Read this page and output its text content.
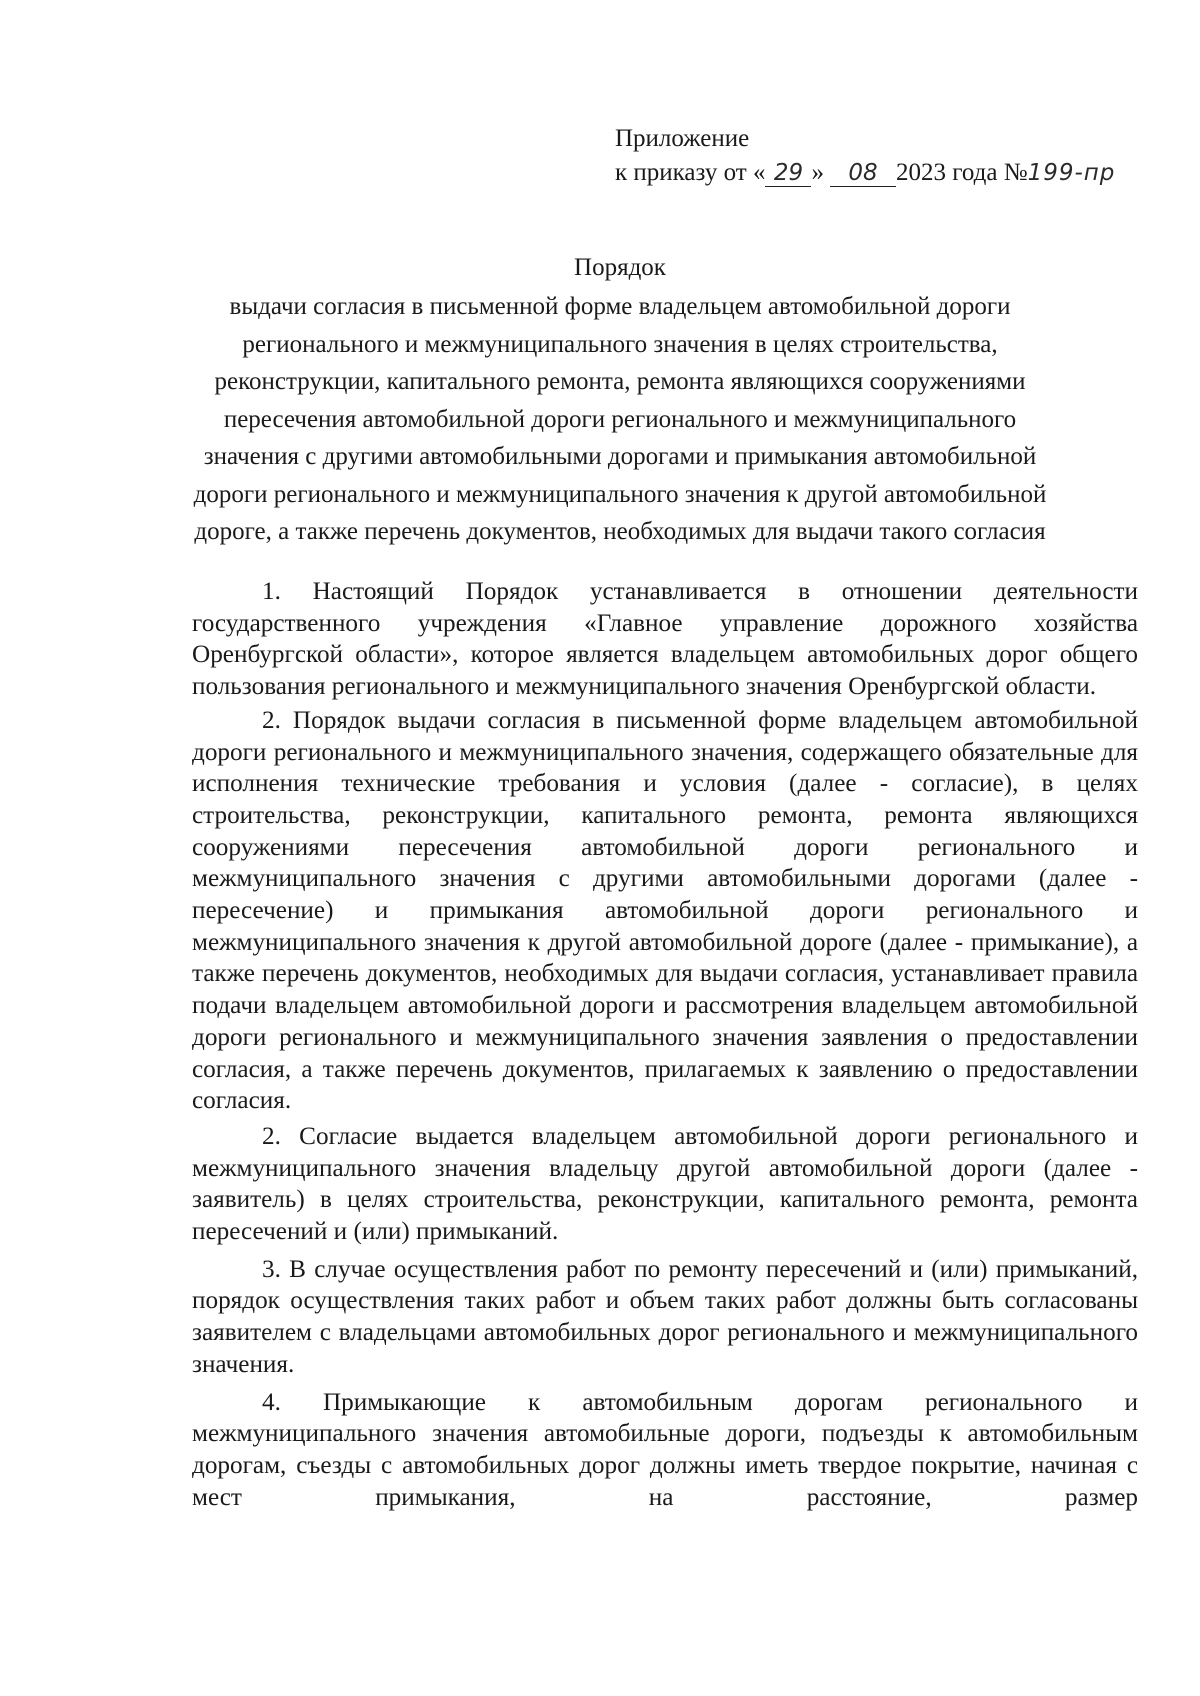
Приложение
к приказу от « 29 » 08 2023 года №199-пр
Порядок
выдачи согласия в письменной форме владельцем автомобильной дороги регионального и межмуниципального значения в целях строительства, реконструкции, капитального ремонта, ремонта являющихся сооружениями пересечения автомобильной дороги регионального и межмуниципального значения с другими автомобильными дорогами и примыкания автомобильной дороги регионального и межмуниципального значения к другой автомобильной дороге, а также перечень документов, необходимых для выдачи такого согласия

1. Настоящий Порядок устанавливается в отношении деятельности государственного учреждения «Главное управление дорожного хозяйства Оренбургской области», которое является владельцем автомобильных дорог общего пользования регионального и межмуниципального значения Оренбургской области.

2. Порядок выдачи согласия в письменной форме владельцем автомобильной дороги регионального и межмуниципального значения, содержащего обязательные для исполнения технические требования и условия (далее - согласие), в целях строительства, реконструкции, капитального ремонта, ремонта являющихся сооружениями пересечения автомобильной дороги регионального и межмуниципального значения с другими автомобильными дорогами (далее - пересечение) и примыкания автомобильной дороги регионального и межмуниципального значения к другой автомобильной дороге (далее - примыкание), а также перечень документов, необходимых для выдачи согласия, устанавливает правила подачи владельцем автомобильной дороги и рассмотрения владельцем автомобильной дороги регионального и межмуниципального значения заявления о предоставлении согласия, а также перечень документов, прилагаемых к заявлению о предоставлении согласия.

2. Согласие выдается владельцем автомобильной дороги регионального и межмуниципального значения владельцу другой автомобильной дороги (далее - заявитель) в целях строительства, реконструкции, капитального ремонта, ремонта пересечений и (или) примыканий.

3. В случае осуществления работ по ремонту пересечений и (или) примыканий, порядок осуществления таких работ и объем таких работ должны быть согласованы заявителем с владельцами автомобильных дорог регионального и межмуниципального значения.

4. Примыкающие к автомобильным дорогам регионального и межмуниципального значения автомобильные дороги, подъезды к автомобильным дорогам, съезды с автомобильных дорог должны иметь твердое покрытие, начиная с мест примыкания, на расстояние, размер
